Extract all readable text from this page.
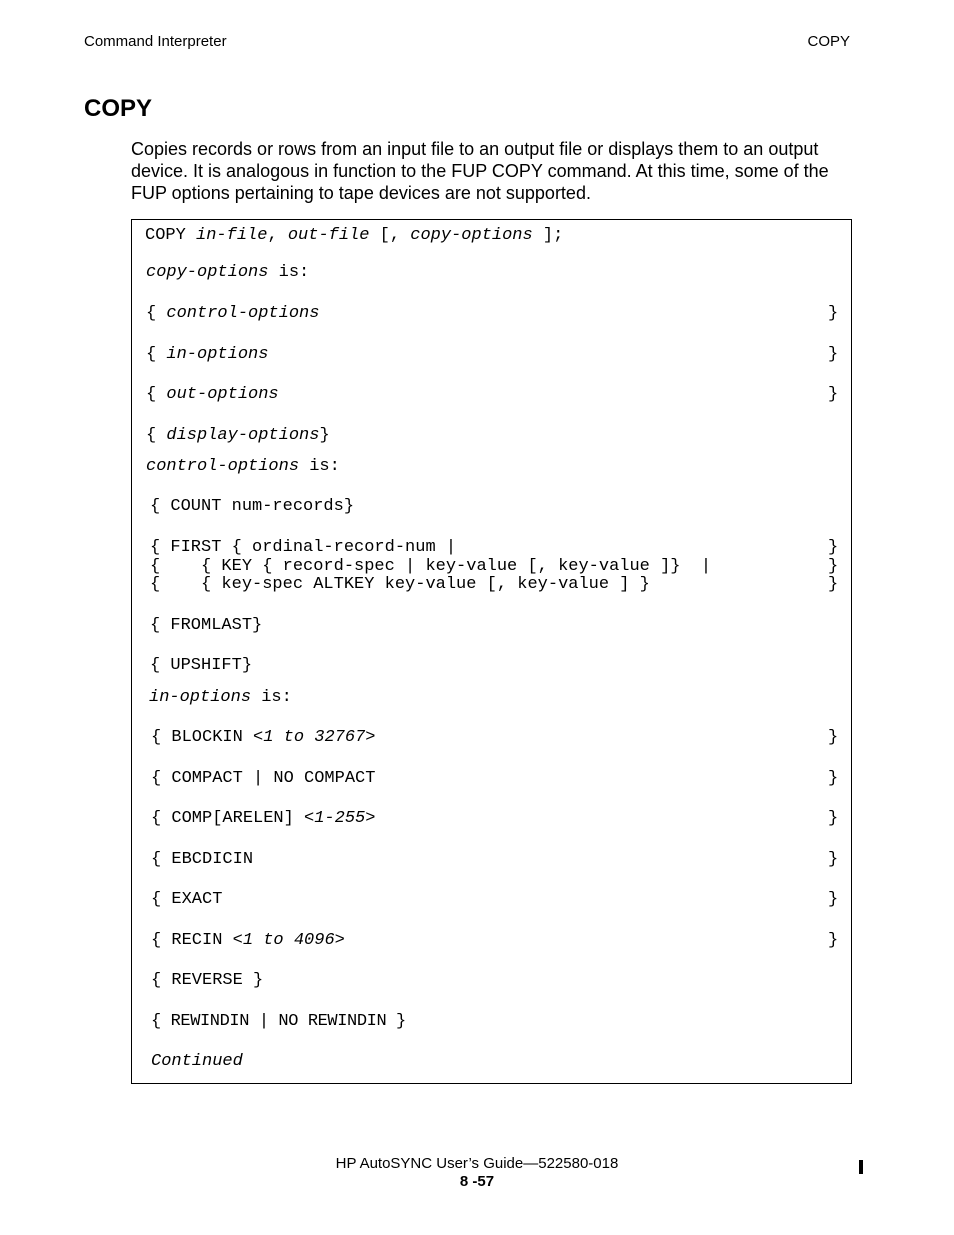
Command Interpreter	COPY
COPY
Copies records or rows from an input file to an output file or displays them to an output device. It is analogous in function to the FUP COPY command. At this time, some of the FUP options pertaining to tape devices are not supported.
COPY in-file, out-file [, copy-options ];
copy-options is:
{ control-options	}
{ in-options	}
{ out-options	}
{ display-options}
control-options is:
{ COUNT num-records}
{ FIRST { ordinal-record-num |	}
{    { KEY { record-spec | key-value [, key-value ]}  |	}
{    { key-spec ALTKEY key-value [, key-value ] }	}
{ FROMLAST}
{ UPSHIFT}
in-options is:
{ BLOCKIN <1 to 32767>	}
{ COMPACT | NO COMPACT	}
{ COMP[ARELEN] <1-255>	}
{ EBCDICIN	}
{ EXACT	}
{ RECIN <1 to 4096>	}
{ REVERSE }
{ REWINDIN | NO REWINDIN }
Continued
HP AutoSYNC User’s Guide—522580-018
8 -57
